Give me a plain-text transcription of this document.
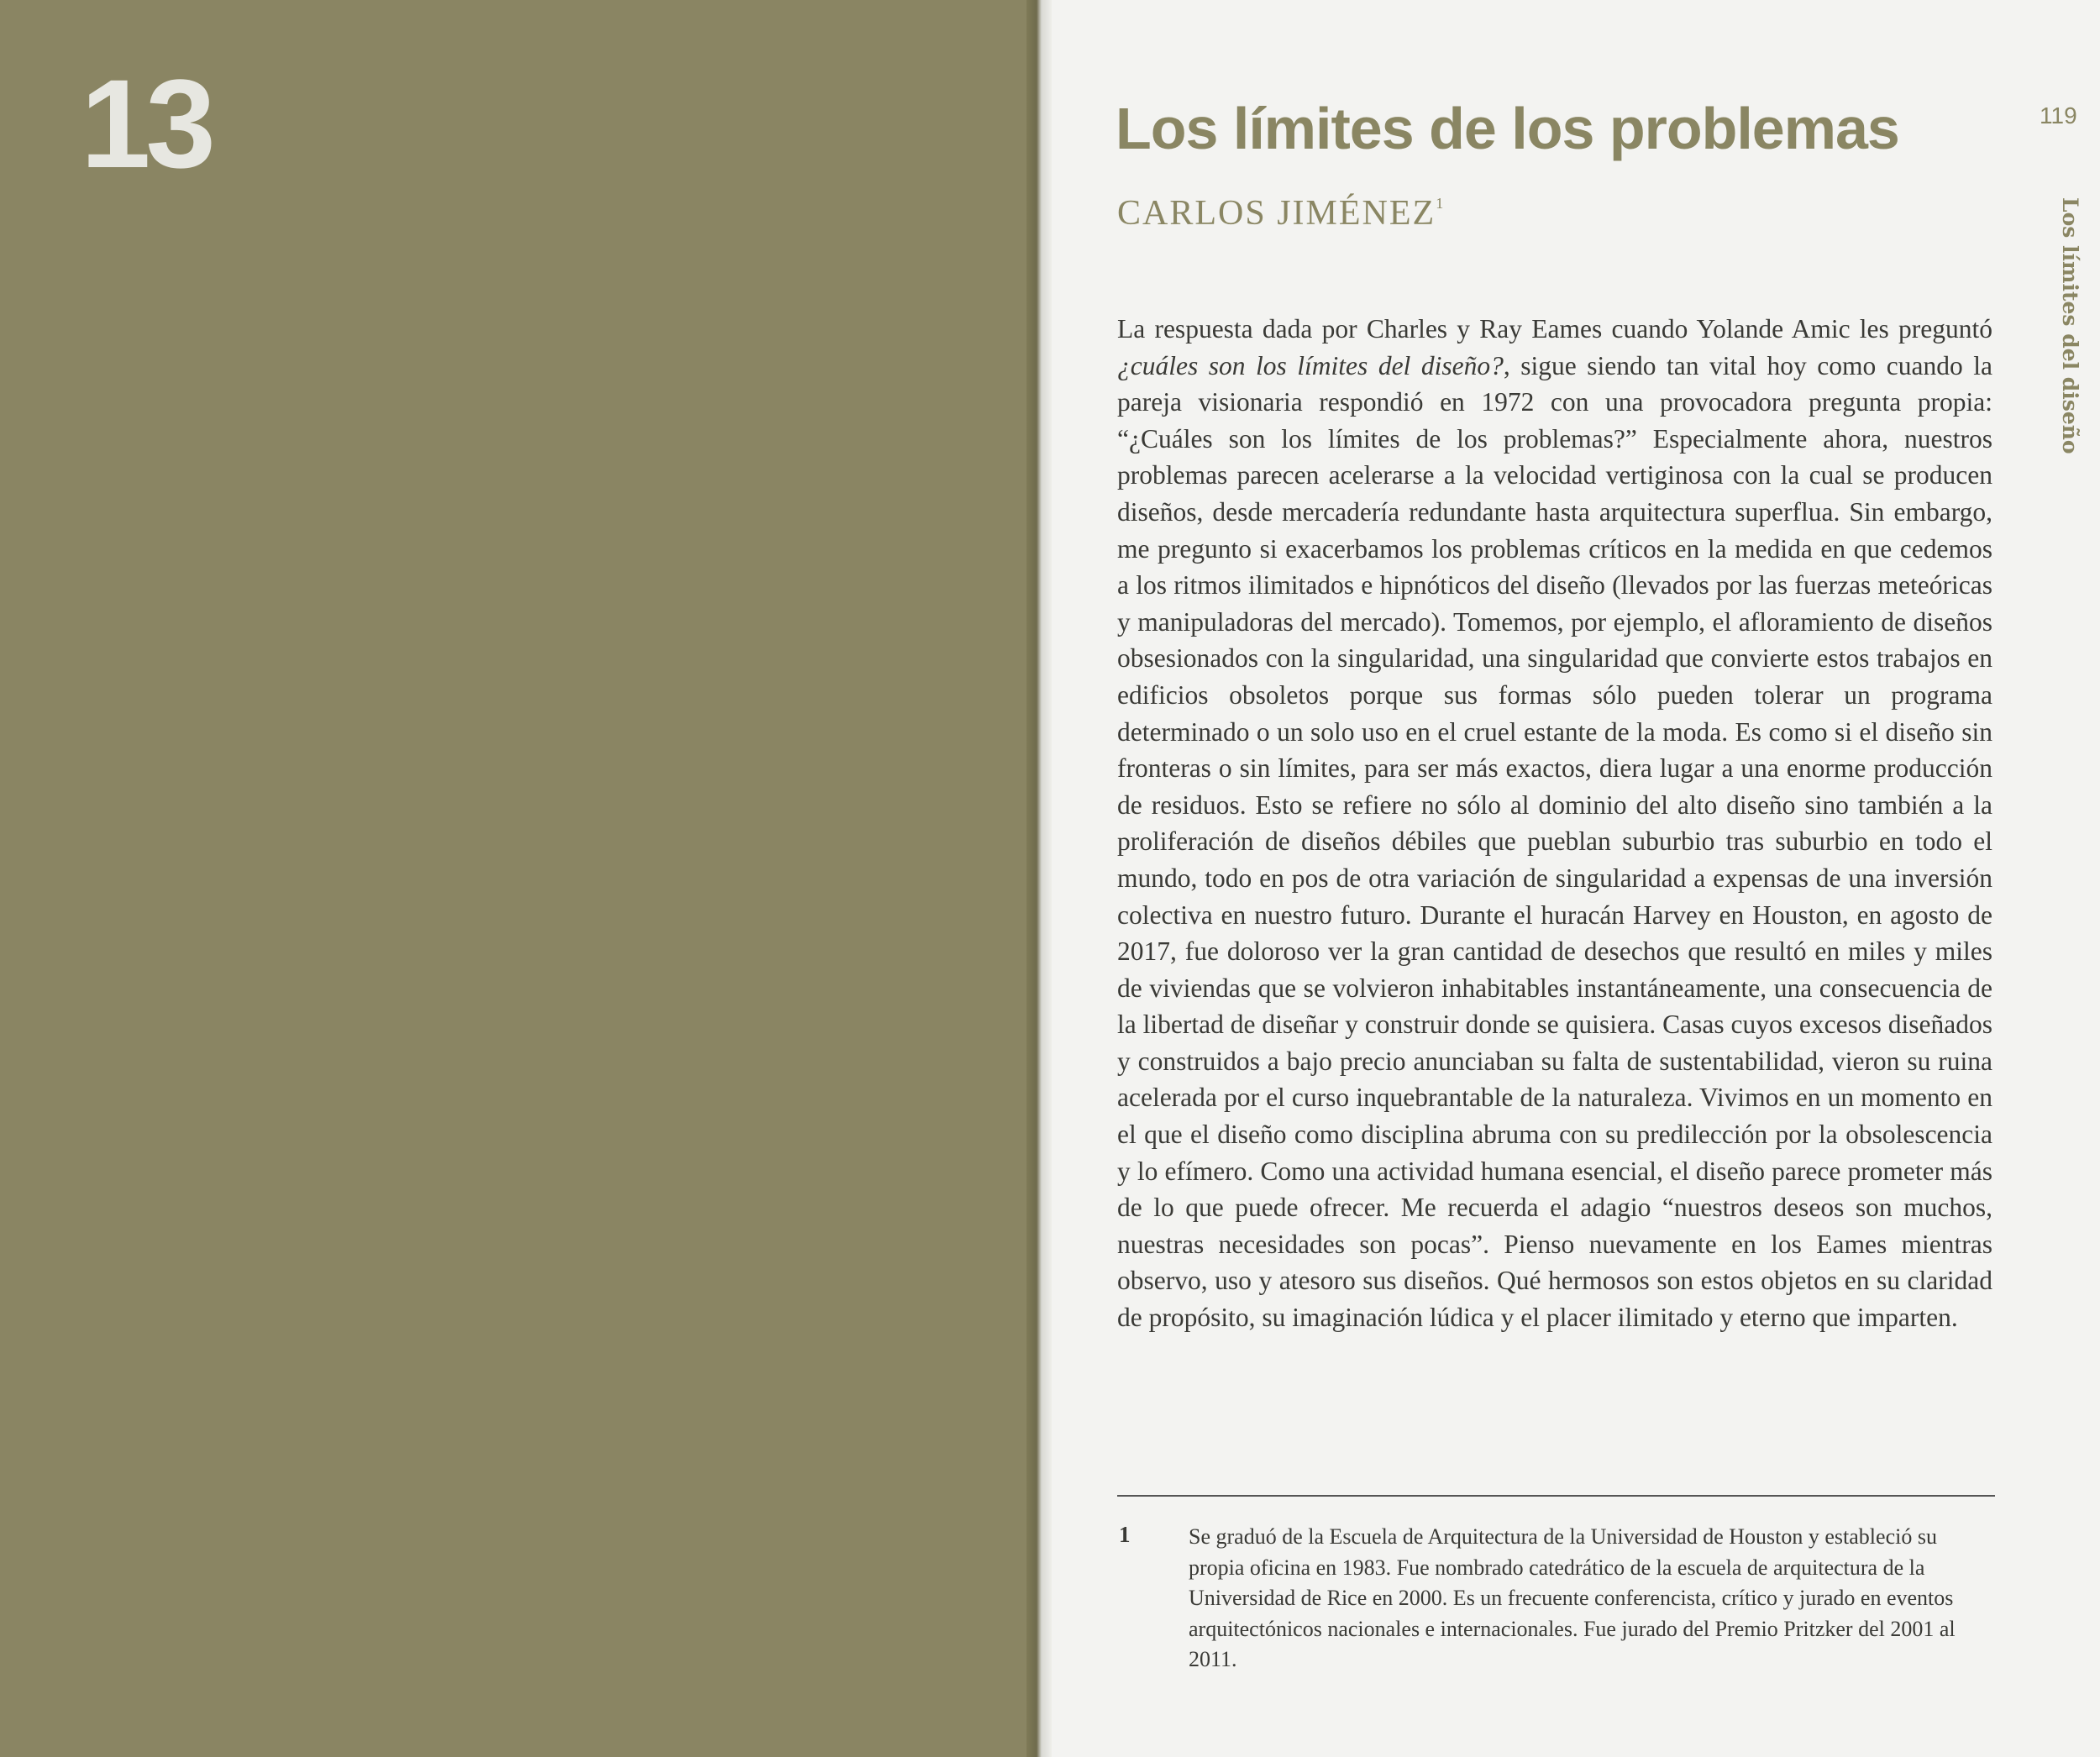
13	119
Los límites del diseño
Los límites de los problemas
CARLOS JIMÉNEZ$^1$

La respuesta dada por Charles y Ray Eames cuando Yolande Amic les preguntó ¿cuáles son los límites del diseño?, sigue siendo tan vital hoy como cuando la pareja visionaria respondió en 1972 con una provocadora pregunta propia: “¿Cuáles son los límites de los problemas?” Especialmente ahora, nuestros problemas parecen acelerarse a la velocidad vertiginosa con la cual se producen diseños, desde mercadería redundante hasta arquitectura superflua. Sin embargo, me pregunto si exacerbamos los problemas críticos en la medida en que cedemos a los ritmos ilimitados e hipnóticos del diseño (llevados por las fuerzas meteóricas y manipuladoras del mercado). Tomemos, por ejemplo, el afloramiento de diseños obsesionados con la singularidad, una singularidad que convierte estos trabajos en edificios obsoletos porque sus formas sólo pueden tolerar un programa determinado o un solo uso en el cruel estante de la moda. Es como si el diseño sin fronteras o sin límites, para ser más exactos, diera lugar a una enorme producción de residuos. Esto se refiere no sólo al dominio del alto diseño sino también a la proliferación de diseños débiles que pueblan suburbio tras suburbio en todo el mundo, todo en pos de otra variación de singularidad a expensas de una inversión colectiva en nuestro futuro. Durante el huracán Harvey en Houston, en agosto de 2017, fue doloroso ver la gran cantidad de desechos que resultó en miles y miles de viviendas que se volvieron inhabitables instantáneamente, una consecuencia de la libertad de diseñar y construir donde se quisiera. Casas cuyos excesos diseñados y construidos a bajo precio anunciaban su falta de sustentabilidad, vieron su ruina acelerada por el curso inquebrantable de la naturaleza. Vivimos en un momento en el que el diseño como disciplina abruma con su predilección por la obsolescencia y lo efímero. Como una actividad humana esencial, el diseño parece prometer más de lo que puede ofrecer. Me recuerda el adagio “nuestros deseos son muchos, nuestras necesidades son pocas”. Pienso nuevamente en los Eames mientras observo, uso y atesoro sus diseños. Qué hermosos son estos objetos en su claridad de propósito, su imaginación lúdica y el placer ilimitado y eterno que imparten.

1	Se graduó de la Escuela de Arquitectura de la Universidad de Houston y estableció su propia oficina en 1983. Fue nombrado catedrático de la escuela de arquitectura de la Universidad de Rice en 2000. Es un frecuente conferencista, crítico y jurado en eventos arquitectónicos nacionales e internacionales. Fue jurado del Premio Pritzker del 2001 al 2011.
